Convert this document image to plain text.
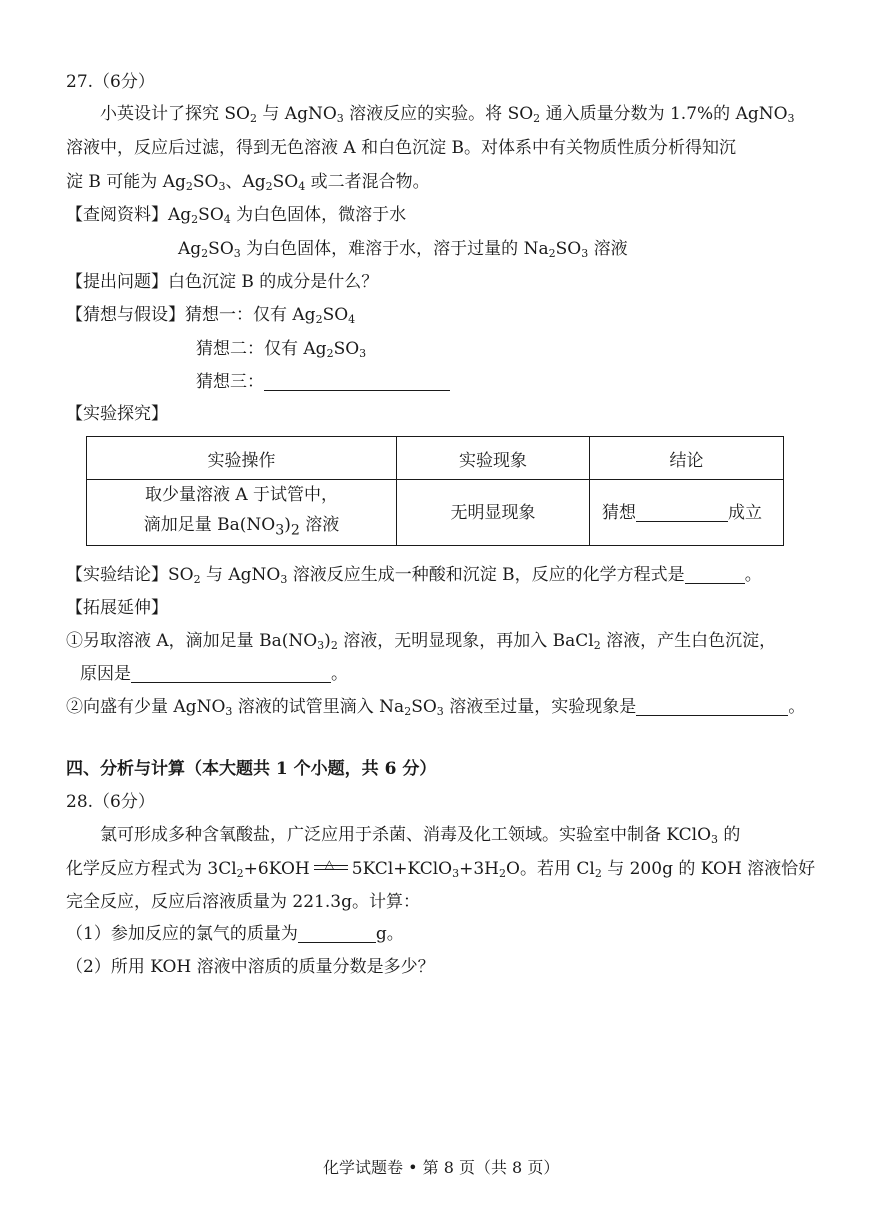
27.（6分）
小英设计了探究 $SO_2$ 与 AgNO$_3$ 溶液反应的实验。将 $SO_2$ 通入质量分数为 1.7%的 AgNO$_3$
溶液中，反应后过滤，得到无色溶液 A 和白色沉淀 B。对体系中有关物质性质分析得知沉
淀 B 可能为 $Ag_2SO_3$、$Ag_2SO_4$ 或二者混合物。
【查阅资料】$Ag_2SO_4$ 为白色固体，微溶于水
$Ag_2SO_3$ 为白色固体，难溶于水，溶于过量的 $Na_2SO_3$ 溶液
【提出问题】白色沉淀 B 的成分是什么？
【猜想与假设】猜想一：仅有 $Ag_2SO_4$
猜想二：仅有 $Ag_2SO_3$
猜想三：
【实验探究】
实验操作	实验现象	结论

取少量溶液 A 于试管中，
滴加足量 $Ba(NO_3)_2$ 溶液	无明显现象	猜想 成立
【实验结论】$SO_2$ 与 AgNO$_3$ 溶液反应生成一种酸和沉淀 B，反应的化学方程式是	。
【拓展延伸】
①另取溶液 A，滴加足量 $Ba(NO_3)_2$ 溶液，无明显现象，再加入 BaCl$_2$ 溶液，产生白色沉淀，
原因是	。
②向盛有少量 AgNO$_3$ 溶液的试管里滴入 $Na_2SO_3$ 溶液至过量，实验现象是	。
四、分析与计算（本大题共 1 个小题，共 6 分）
28.（6分）
氯可形成多种含氧酸盐，广泛应用于杀菌、消毒及化工领域。实验室中制备 KClO$_3$ 的
化学反应方程式为 $3Cl_2+6KOH$ △ $5KCl+KClO_3+3H_2O$。若用 $Cl_2$ 与 200g 的 KOH 溶液恰好
完全反应，反应后溶液质量为 221.3g。计算：
（1）参加反应的氯气的质量为	g。
（2）所用 KOH 溶液中溶质的质量分数是多少？
化学试题卷 • 第 8 页（共 8 页）
